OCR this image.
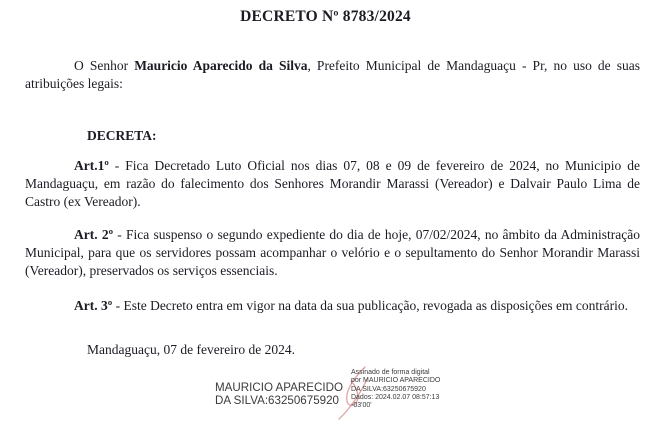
DECRETO Nº 8783/2024

O Senhor Mauricio Aparecido da Silva, Prefeito Municipal de Mandaguaçu - Pr, no uso de suas atribuições legais:

DECRETA:

Art.1º - Fica Decretado Luto Oficial nos dias 07, 08 e 09 de fevereiro de 2024, no Municipio de Mandaguaçu, em razão do falecimento dos Senhores Morandir Marassi (Vereador) e Dalvair Paulo Lima de Castro (ex Vereador).

Art. 2º - Fica suspenso o segundo expediente do dia de hoje, 07/02/2024, no âmbito da Administração Municipal, para que os servidores possam acompanhar o velório e o sepultamento do Senhor Morandir Marassi (Vereador), preservados os serviços essenciais.

Art. 3º - Este Decreto entra em vigor na data da sua publicação, revogada as disposições em contrário.

Mandaguaçu, 07 de fevereiro de 2024.

MAURICIO APARECIDO
DA SILVA:63250675920
Assinado de forma digital
por MAURICIO APARECIDO
DA SILVA:63250675920
Dados: 2024.02.07 08:57:13
-03'00'
